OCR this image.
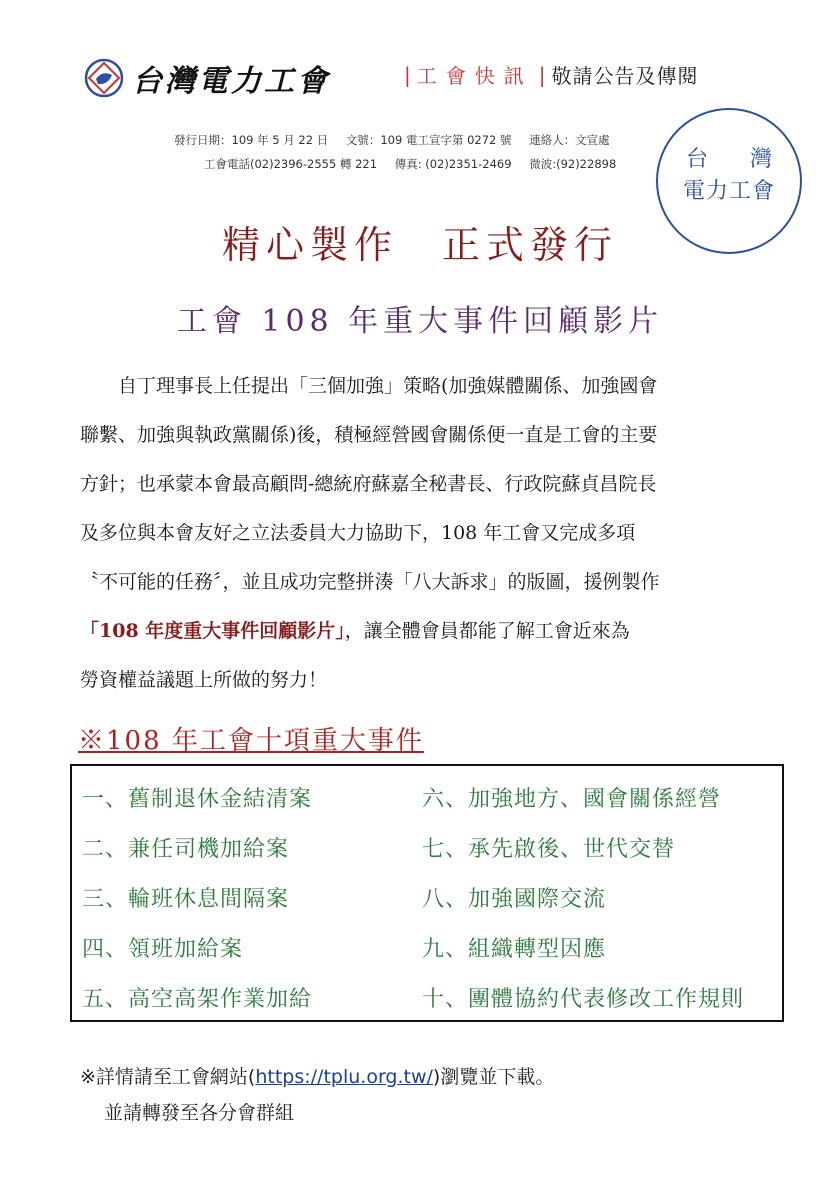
台灣電力工會	| 工會快訊 | 敬請公告及傳閱
發行日期：109 年 5 月 22 日 文號：109 電工宣字第 0272 號 連絡人：文宣處
工會電話(02)2396-2555 轉 221 傳真: (02)2351-2469 微波:(92)22898	台 灣
電力工會
精心製作　正式發行
工會 108 年重大事件回顧影片
自丁理事長上任提出「三個加強」策略(加強媒體關係、加強國會
聯繫、加強與執政黨關係)後，積極經營國會關係便一直是工會的主要
方針；也承蒙本會最高顧問-總統府蘇嘉全秘書長、行政院蘇貞昌院長
及多位與本會友好之立法委員大力協助下，108 年工會又完成多項
〝不可能的任務〞，並且成功完整拼湊「八大訴求」的版圖，援例製作
「108 年度重大事件回顧影片」，讓全體會員都能了解工會近來為
勞資權益議題上所做的努力！
※108 年工會十項重大事件
一、舊制退休金結清案
二、兼任司機加給案
三、輪班休息間隔案
四、領班加給案
五、高空高架作業加給
六、加強地方、國會關係經營
七、承先啟後、世代交替
八、加強國際交流
九、組織轉型因應
十、團體協約代表修改工作規則
※詳情請至工會網站(https://tplu.org.tw/)瀏覽並下載。
並請轉發至各分會群組
